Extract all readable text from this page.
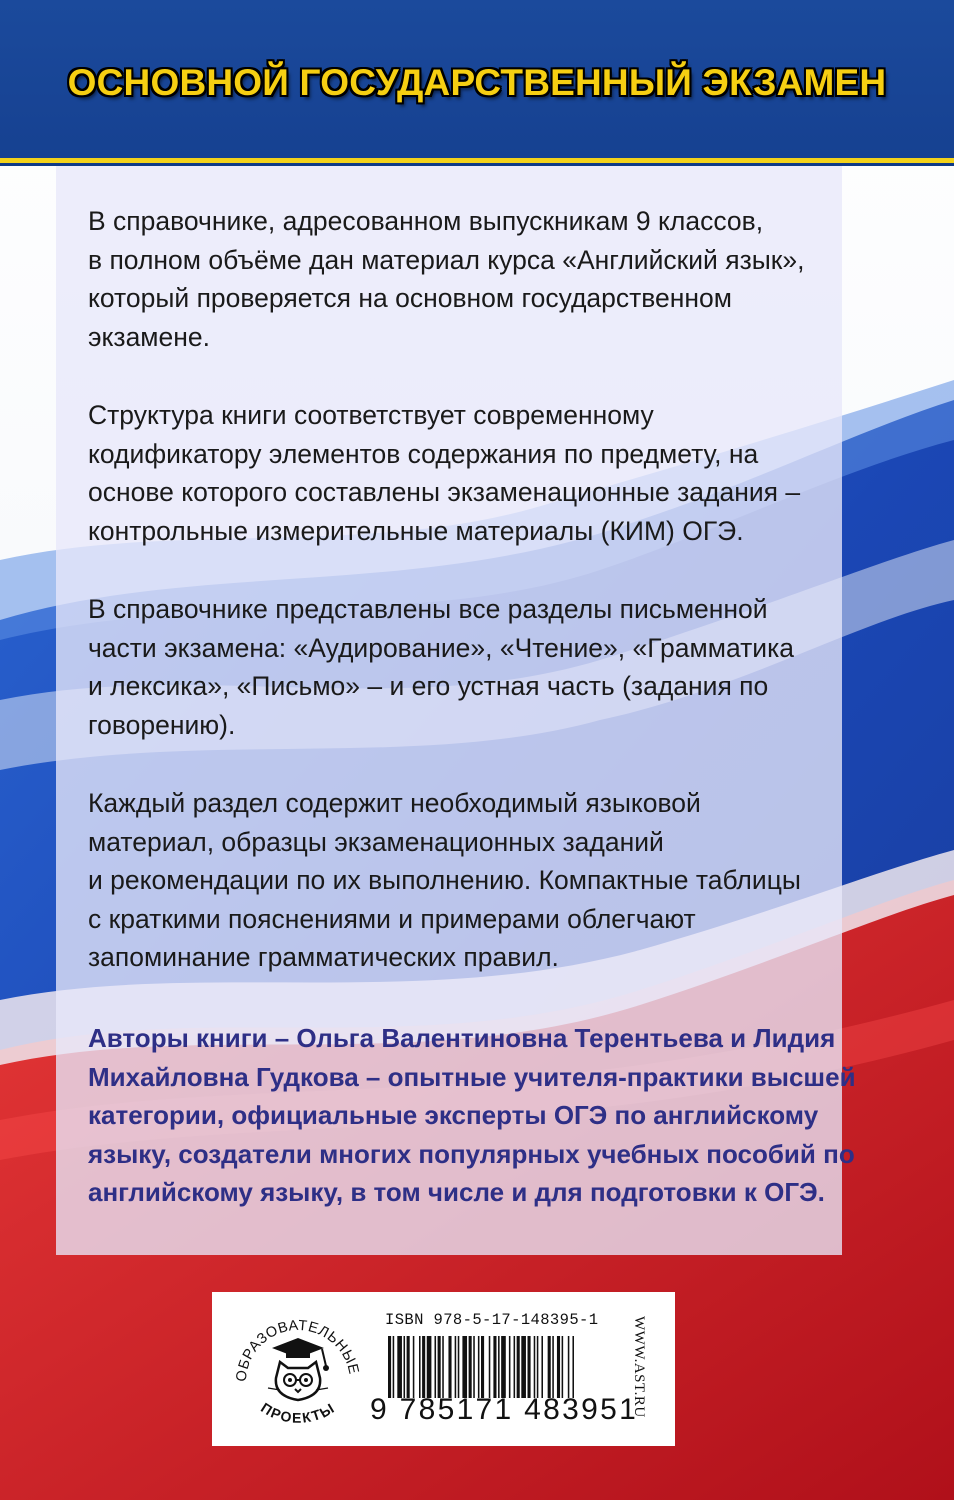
ОСНОВНОЙ ГОСУДАРСТВЕННЫЙ ЭКЗАМЕН
В справочнике, адресованном выпускникам 9 классов,
в полном объёме дан материал курса «Английский язык»,
который проверяется на основном государственном
экзамене.
Структура книги соответствует современному
кодификатору элементов содержания по предмету, на
основе которого составлены экзаменационные задания –
контрольные измерительные материалы (КИМ) ОГЭ.
В справочнике представлены все разделы письменной
части экзамена: «Аудирование», «Чтение», «Грамматика
и лексика», «Письмо» – и его устная часть (задания по
говорению).
Каждый раздел содержит необходимый языковой
материал, образцы экзаменационных заданий
и рекомендации по их выполнению. Компактные таблицы
с краткими пояснениями и примерами облегчают
запоминание грамматических правил.
Авторы книги – Ольга Валентиновна Терентьева и Лидия
Михайловна Гудкова – опытные учителя-практики высшей
категории, официальные эксперты ОГЭ по английскому
языку, создатели многих популярных учебных пособий по
английскому языку, в том числе и для подготовки к ОГЭ.
ОБРАЗОВАТЕЛЬНЫЕ
ПРОЕКТЫ
ISBN 978-5-17-148395-1
9 785171 483951
WWW.AST.RU
